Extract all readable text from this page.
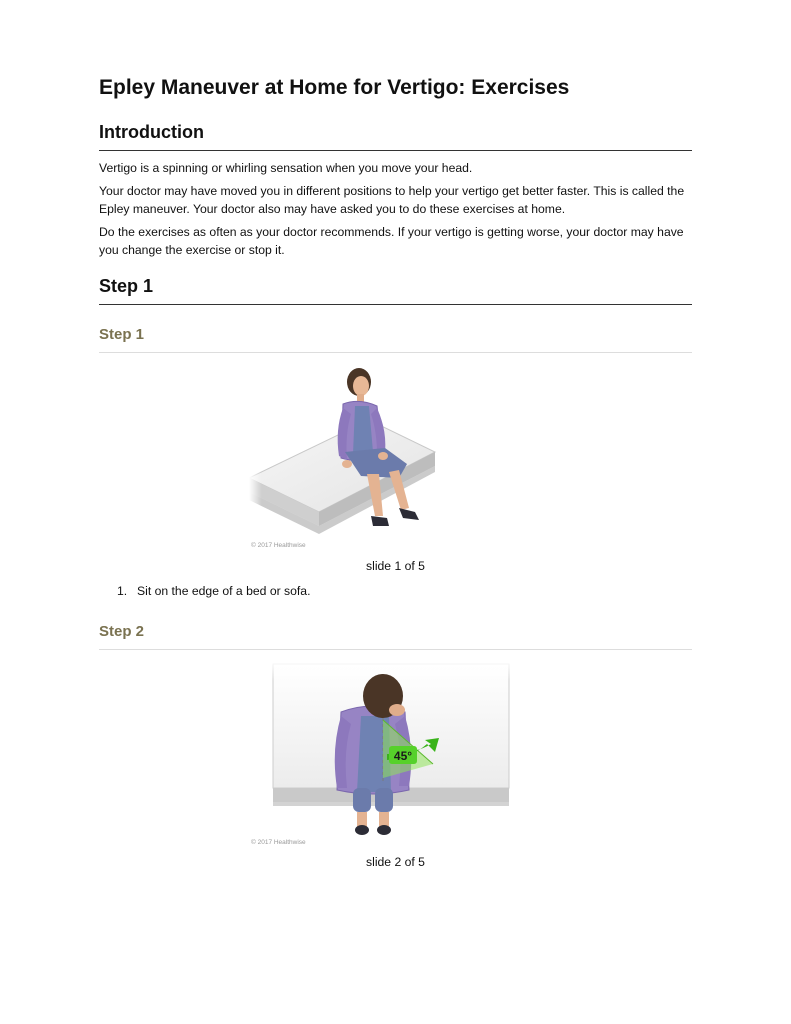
Epley Maneuver at Home for Vertigo: Exercises
Introduction

Vertigo is a spinning or whirling sensation when you move your head.

Your doctor may have moved you in different positions to help your vertigo get better faster. This is called the Epley maneuver. Your doctor also may have asked you to do these exercises at home.

Do the exercises as often as your doctor recommends. If your vertigo is getting worse, your doctor may have you change the exercise or stop it.

Step 1
Step 1
© 2017 Healthwise
slide 1 of 5
1. Sit on the edge of a bed or sofa.
Step 2
45°
© 2017 Healthwise
slide 2 of 5
